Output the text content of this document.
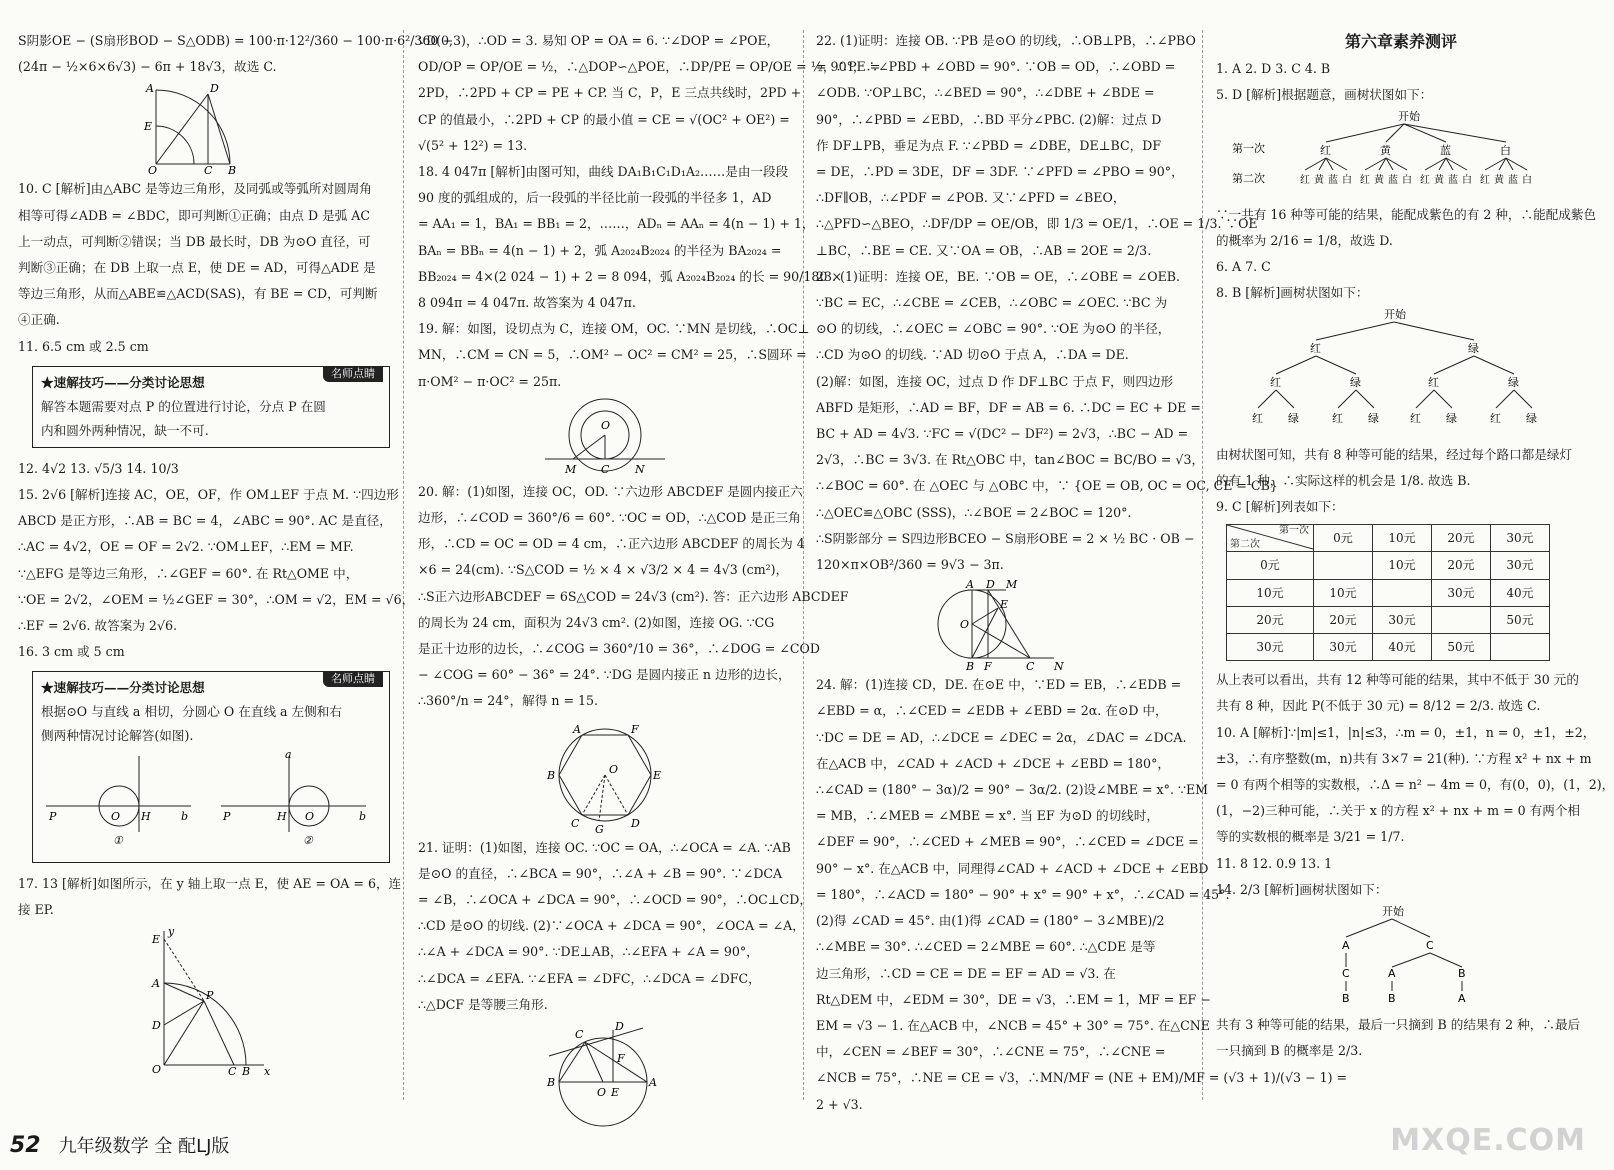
S阴影OE − (S扇形BOD − S△ODB) = 100·π·12²/360 − 100·π·6²/360 −

(24π − ½×6×6√3) − 6π + 18√3，故选 C.

A	D
E
O	C B

10. C [解析]由△ABC 是等边三角形，及同弧或等弧所对圆周角

相等可得∠ADB = ∠BDC，即可判断①正确；由点 D 是弧 AC

上一动点，可判断②错误；当 DB 最长时，DB 为⊙O 直径，可

判断③正确；在 DB 上取一点 E，使 DE = AD，可得△ADE 是

等边三角形，从而△ABE≌△ACD(SAS)，有 BE = CD，可判断

④正确.

11. 6.5 cm 或 2.5 cm

名师点睛

★速解技巧——分类讨论思想

解答本题需要对点 P 的位置进行讨论，分点 P 在圆

内和圆外两种情况，缺一不可.

12. 4√2 13. √5/3 14. 10/3

15. 2√6 [解析]连接 AC，OE，OF，作 OM⊥EF 于点 M. ∵四边形

ABCD 是正方形，∴AB = BC = 4，∠ABC = 90°. AC 是直径，

∴AC = 4√2，OE = OF = 2√2. ∵OM⊥EF，∴EM = MF.

∵△EFG 是等边三角形，∴∠GEF = 60°. 在 Rt△OME 中，

∵OE = 2√2，∠OEM = ½∠GEF = 30°，∴OM = √2，EM = √6，

∴EF = 2√6. 故答案为 2√6.

16. 3 cm 或 5 cm

名师点睛

★速解技巧——分类讨论思想

根据⊙O 与直线 a 相切，分圆心 O 在直线 a 左侧和右

侧两种情况讨论解答(如图).

P	O H	b
①
a
P	H O	b
②

17. 13 [解析]如图所示，在 y 轴上取一点 E，使 AE = OA = 6，连

接 EP.

E
y
A
P
D
O	C B x

∵D(0,3)，∴OD = 3. 易知 OP = OA = 6. ∵∠DOP = ∠POE，

OD/OP = OP/OE = ½，∴△DOP∽△POE，∴DP/PE = OP/OE = ½，∴PE =

2PD，∴2PD + CP = PE + CP. 当 C，P，E 三点共线时，2PD +

CP 的值最小，∴2PD + CP 的最小值 = CE = √(OC² + OE²) =

√(5² + 12²) = 13.

18. 4 047π [解析]由图可知，曲线 DA₁B₁C₁D₁A₂……是由一段段

90 度的弧组成的，后一段弧的半径比前一段弧的半径多 1，AD

= AA₁ = 1，BA₁ = BB₁ = 2，……，ADₙ = AAₙ = 4(n − 1) + 1，

BAₙ = BBₙ = 4(n − 1) + 2，弧 A₂₀₂₄B₂₀₂₄ 的半径为 BA₂₀₂₄ =

BB₂₀₂₄ = 4×(2 024 − 1) + 2 = 8 094，弧 A₂₀₂₄B₂₀₂₄ 的长 = 90/180 ×

8 094π = 4 047π. 故答案为 4 047π.

19. 解：如图，设切点为 C，连接 OM，OC. ∵MN 是切线，∴OC⊥

MN，∴CM = CN = 5，∴OM² − OC² = CM² = 25，∴S圆环 =

π·OM² − π·OC² = 25π.

O
M C N

20. 解：(1)如图，连接 OC，OD. ∵六边形 ABCDEF 是圆内接正六

边形，∴∠COD = 360°/6 = 60°. ∵OC = OD，∴△COD 是正三角

形，∴CD = OC = OD = 4 cm，∴正六边形 ABCDEF 的周长为 4

×6 = 24(cm). ∵S△COD = ½ × 4 × √3/2 × 4 = 4√3 (cm²)，

∴S正六边形ABCDEF = 6S△COD = 24√3 (cm²). 答：正六边形 ABCDEF

的周长为 24 cm，面积为 24√3 cm². (2)如图，连接 OG. ∵CG

是正十边形的边长，∴∠COG = 360°/10 = 36°，∴∠DOG = ∠COD

− ∠COG = 60° − 36° = 24°. ∵DG 是圆内接正 n 边形的边长，

∴360°/n = 24°，解得 n = 15.

A	F
B	O	E
C G D

21. 证明：(1)如图，连接 OC. ∵OC = OA，∴∠OCA = ∠A. ∵AB

是⊙O 的直径，∴∠BCA = 90°，∴∠A + ∠B = 90°. ∵∠DCA

= ∠B，∴∠OCA + ∠DCA = 90°，∴∠OCD = 90°，∴OC⊥CD，

∴CD 是⊙O 的切线. (2)∵∠OCA + ∠DCA = 90°，∠OCA = ∠A，

∴∠A + ∠DCA = 90°. ∵DE⊥AB，∴∠EFA + ∠A = 90°，

∴∠DCA = ∠EFA. ∵∠EFA = ∠DFC，∴∠DCA = ∠DFC，

∴△DCF 是等腰三角形.

C
D
F
B
O E
A

22. (1)证明：连接 OB. ∵PB 是⊙O 的切线，∴OB⊥PB，∴∠PBO

= 90°，∴∠PBD + ∠OBD = 90°. ∵OB = OD，∴∠OBD =

∠ODB. ∵OP⊥BC，∴∠BED = 90°，∴∠DBE + ∠BDE =

90°，∴∠PBD = ∠EBD，∴BD 平分∠PBC. (2)解：过点 D

作 DF⊥PB，垂足为点 F. ∵∠PBD = ∠DBE，DE⊥BC，DF

= DE，∴PD = 3DE，DF = 3DF. ∵∠PFD = ∠PBO = 90°，

∴DF∥OB，∴∠PDF = ∠POB. 又∵∠PFD = ∠BEO，

∴△PFD∽△BEO，∴DF/DP = OE/OB，即 1/3 = OE/1，∴OE = 1/3. ∵OE

⊥BC，∴BE = CE. 又∵OA = OB，∴AB = 2OE = 2/3.

23. (1)证明：连接 OE，BE. ∵OB = OE，∴∠OBE = ∠OEB.

∵BC = EC，∴∠CBE = ∠CEB，∴∠OBC = ∠OEC. ∵BC 为

⊙O 的切线，∴∠OEC = ∠OBC = 90°. ∵OE 为⊙O 的半径，

∴CD 为⊙O 的切线. ∵AD 切⊙O 于点 A，∴DA = DE.

(2)解：如图，连接 OC，过点 D 作 DF⊥BC 于点 F，则四边形

ABFD 是矩形，∴AD = BF，DF = AB = 6. ∴DC = EC + DE =

BC + AD = 4√3. ∵FC = √(DC² − DF²) = 2√3，∴BC − AD =

2√3，∴BC = 3√3. 在 Rt△OBC 中，tan∠BOC = BC/BO = √3，

∴∠BOC = 60°. 在 △OEC 与 △OBC 中，∵ {OE = OB, OC = OC, CE = CB}

∴△OEC≌△OBC (SSS)，∴∠BOE = 2∠BOC = 120°.

∴S阴影部分 = S四边形BCEO − S扇形OBE = 2 × ½ BC · OB −

120×π×OB²/360 = 9√3 − 3π.

A D M
O
E
B F	C N

24. 解：(1)连接 CD，DE. 在⊙E 中，∵ED = EB，∴∠EDB =

∠EBD = α，∴∠CED = ∠EDB + ∠EBD = 2α. 在⊙D 中，

∵DC = DE = AD，∴∠DCE = ∠DEC = 2α，∠DAC = ∠DCA.

在△ACB 中，∠CAD + ∠ACD + ∠DCE + ∠EBD = 180°，

∴∠CAD = (180° − 3α)/2 = 90° − 3α/2. (2)设∠MBE = x°. ∵EM

= MB，∴∠MEB = ∠MBE = x°. 当 EF 为⊙D 的切线时，

∠DEF = 90°，∴∠CED + ∠MEB = 90°，∴∠CED = ∠DCE =

90° − x°. 在△ACB 中，同理得∠CAD + ∠ACD + ∠DCE + ∠EBD

= 180°，∴∠ACD = 180° − 90° + x° = 90° + x°，∴∠CAD = 45°.

(2)得 ∠CAD = 45°. 由(1)得 ∠CAD = (180° − 3∠MBE)/2

∴∠MBE = 30°. ∴∠CED = 2∠MBE = 60°. ∴△CDE 是等

边三角形，∴CD = CE = DE = EF = AD = √3. 在

Rt△DEM 中，∠EDM = 30°，DE = √3，∴EM = 1，MF = EF −

EM = √3 − 1. 在△ACB 中，∠NCB = 45° + 30° = 75°. 在△CNE

中，∠CEN = ∠BEF = 30°，∴∠CNE = 75°，∴∠CNE =

∠NCB = 75°，∴NE = CE = √3，∴MN/MF = (NE + EM)/MF = (√3 + 1)/(√3 − 1) =

2 + √3.

第六章素养测评

1. A 2. D 3. C 4. B

5. D [解析]根据题意，画树状图如下：

开始
第一次
第二次
红
红 黄 蓝 白
黄
红 黄 蓝 白
蓝
红 黄 蓝 白
白
红 黄 蓝 白

∵一共有 16 种等可能的结果，能配成紫色的有 2 种，∴能配成紫色

的概率为 2/16 = 1/8，故选 D.

6. A 7. C

8. B [解析]画树状图如下：

开始
红
红
红 绿
绿
红 绿
绿
红
红 绿
绿
红 绿

由树状图可知，共有 8 种等可能的结果，经过每个路口都是绿灯

的有 1 种，∴实际这样的机会是 1/8. 故选 B.

9. C [解析]列表如下：

第一次
第二次	0元	10元	20元	30元
0元		10元	20元	30元
10元	10元		30元	40元
20元	20元	30元		50元
30元	30元	40元	50元	

从上表可以看出，共有 12 种等可能的结果，其中不低于 30 元的

共有 8 种，因此 P(不低于 30 元) = 8/12 = 2/3. 故选 C.

10. A [解析]∵|m|≤1，|n|≤3，∴m = 0，±1，n = 0，±1，±2，

±3，∴有序整数(m，n)共有 3×7 = 21(种). ∵方程 x² + nx + m

= 0 有两个相等的实数根，∴Δ = n² − 4m = 0，有(0，0)，(1，2)，

(1，−2)三种可能，∴关于 x 的方程 x² + nx + m = 0 有两个相

等的实数根的概率是 3/21 = 1/7.

11. 8 12. 0.9 13. 1

14. 2/3 [解析]画树状图如下：

开始
A	C
C	A	B
B	B	A

共有 3 种等可能的结果，最后一只摘到 B 的结果有 2 种，∴最后

一只摘到 B 的概率是 2/3.

52 九年级数学 全 配LJ版	MXQE.COM
